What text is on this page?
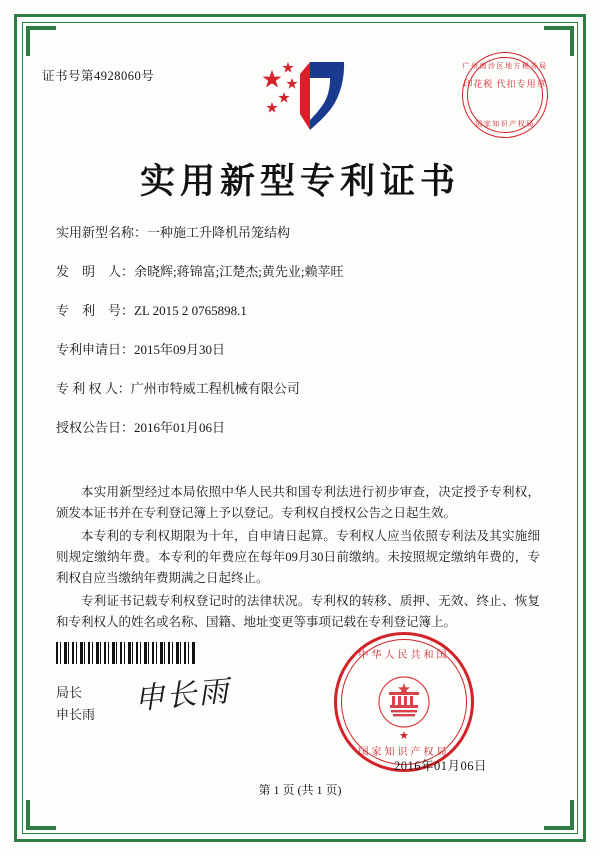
证书号第4928060号
广州南沙区地方税务局
印花税 代扣专用章
国家知识产权局
实用新型专利证书
实用新型名称：一种施工升降机吊笼结构
发　明　人：余晓辉;蒋锦富;江楚杰;黄先业;赖苹旺
专　利　号：ZL 2015 2 0765898.1
专利申请日：2015年09月30日
专 利 权 人：广州市特威工程机械有限公司
授权公告日：2016年01月06日

本实用新型经过本局依照中华人民共和国专利法进行初步审查，决定授予专利权，颁发本证书并在专利登记簿上予以登记。专利权自授权公告之日起生效。

本专利的专利权期限为十年，自申请日起算。专利权人应当依照专利法及其实施细则规定缴纳年费。本专利的年费应在每年09月30日前缴纳。未按照规定缴纳年费的，专利权自应当缴纳年费期满之日起终止。

专利证书记载专利权登记时的法律状况。专利权的转移、质押、无效、终止、恢复和专利权人的姓名或名称、国籍、地址变更等事项记载在专利登记簿上。

局长
申长雨 申长雨
中华人民共和国
★
国家知识产权局
2016年01月06日
第 1 页 (共 1 页)
